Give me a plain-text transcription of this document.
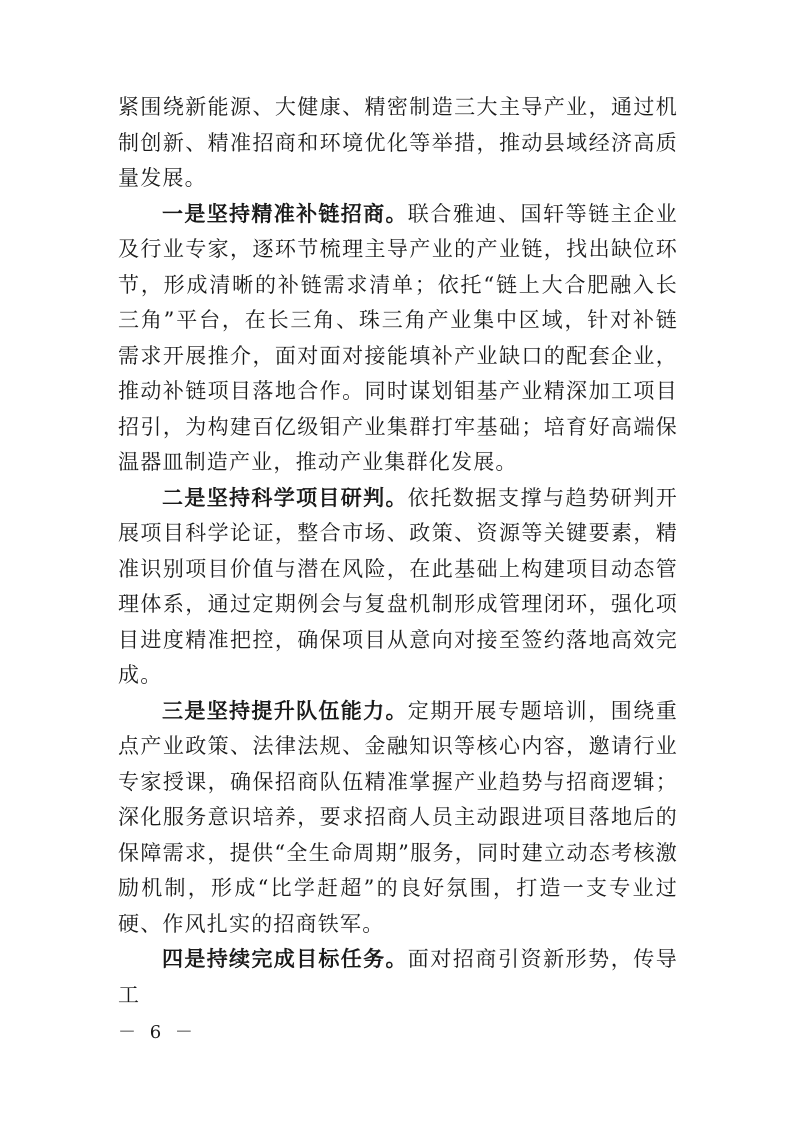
紧围绕新能源、大健康、精密制造三大主导产业，通过机制创新、精准招商和环境优化等举措，推动县域经济高质量发展。

一是坚持精准补链招商。联合雅迪、国轩等链主企业及行业专家，逐环节梳理主导产业的产业链，找出缺位环节，形成清晰的补链需求清单；依托“链上大合肥融入长三角”平台，在长三角、珠三角产业集中区域，针对补链需求开展推介，面对面对接能填补产业缺口的配套企业，推动补链项目落地合作。同时谋划钼基产业精深加工项目招引，为构建百亿级钼产业集群打牢基础；培育好高端保温器皿制造产业，推动产业集群化发展。

二是坚持科学项目研判。依托数据支撑与趋势研判开展项目科学论证，整合市场、政策、资源等关键要素，精准识别项目价值与潜在风险，在此基础上构建项目动态管理体系，通过定期例会与复盘机制形成管理闭环，强化项目进度精准把控，确保项目从意向对接至签约落地高效完成。

三是坚持提升队伍能力。定期开展专题培训，围绕重点产业政策、法律法规、金融知识等核心内容，邀请行业专家授课，确保招商队伍精准掌握产业趋势与招商逻辑；深化服务意识培养，要求招商人员主动跟进项目落地后的保障需求，提供“全生命周期”服务，同时建立动态考核激励机制，形成“比学赶超”的良好氛围，打造一支专业过硬、作风扎实的招商铁军。

四是持续完成目标任务。面对招商引资新形势，传导工

－ 6 －
